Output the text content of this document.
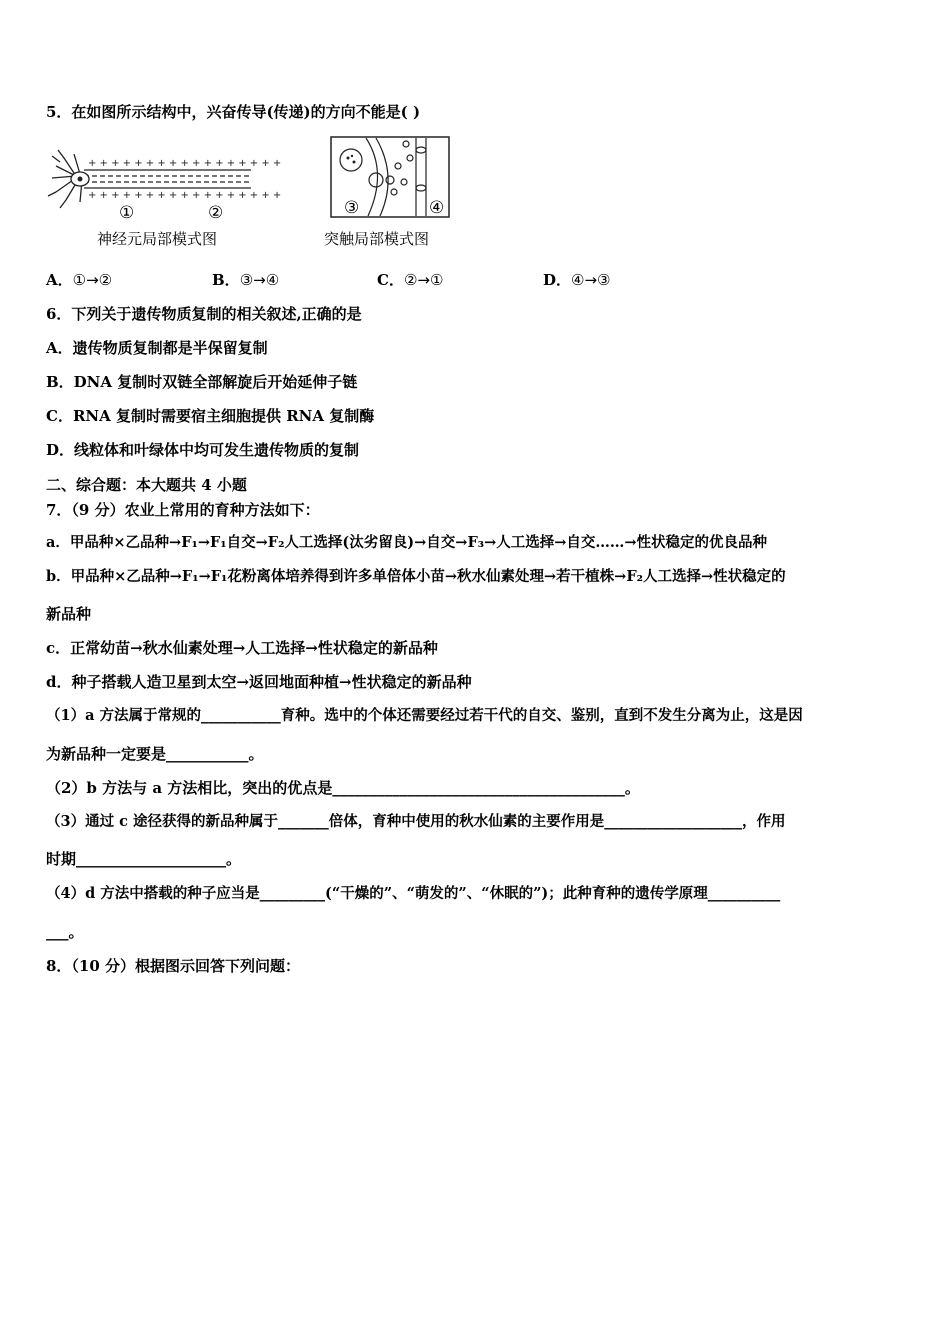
5．在如图所示结构中，兴奋传导(传递)的方向不能是( )
+ + + + + + + + + + + + + + + + +
+ + + + + + + + + + + + + + + + +
①	②
神经元局部模式图
③	④
突触局部模式图
A．①→②	B．③→④	C．②→①	D．④→③
6．下列关于遗传物质复制的相关叙述,正确的是
A．遗传物质复制都是半保留复制
B．DNA 复制时双链全部解旋后开始延伸子链
C．RNA 复制时需要宿主细胞提供 RNA 复制酶
D．线粒体和叶绿体中均可发生遗传物质的复制
二、综合题：本大题共 4 小题
7．（9 分）农业上常用的育种方法如下：
a．甲品种×乙品种→F₁→F₁自交→F₂人工选择(汰劣留良)→自交→F₃→人工选择→自交……→性状稳定的优良品种
b．甲品种×乙品种→F₁→F₁花粉离体培养得到许多单倍体小苗→秋水仙素处理→若干植株→F₂人工选择→性状稳定的
新品种
c．正常幼苗→秋水仙素处理→人工选择→性状稳定的新品种
d．种子搭载人造卫星到太空→返回地面种植→性状稳定的新品种
（1）a 方法属于常规的___________育种。选中的个体还需要经过若干代的自交、鉴别，直到不发生分离为止，这是因
为新品种一定要是___________。
（2）b 方法与 a 方法相比，突出的优点是_______________________________________。
（3）通过 c 途径获得的新品种属于_______倍体，育种中使用的秋水仙素的主要作用是___________________，作用
时期____________________。
（4）d 方法中搭载的种子应当是_________(“干燥的”、“萌发的”、“休眠的”)；此种育种的遗传学原理__________
___。
8．（10 分）根据图示回答下列问题：
